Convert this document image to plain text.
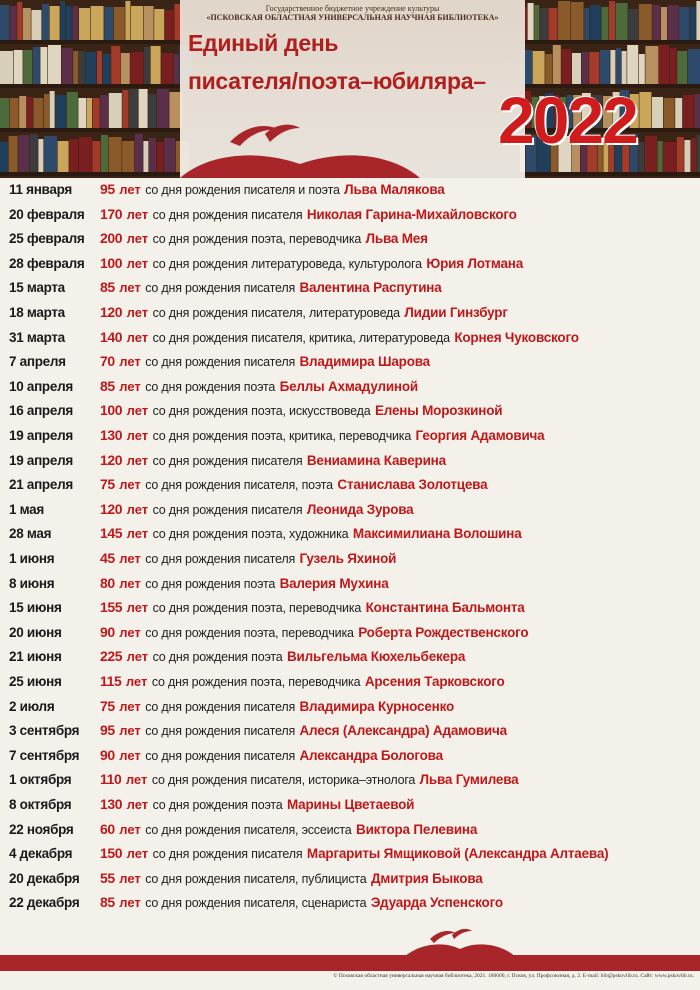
Государственное бюджетное учреждение культуры
«ПСКОВСКАЯ ОБЛАСТНАЯ УНИВЕРСАЛЬНАЯ НАУЧНАЯ БИБЛИОТЕКА»
Единый день
писателя/поэта–юбиляра–
2022
11 января 95 лет со дня рождения писателя и поэта Льва Малякова
20 февраля 170 лет со дня рождения писателя Николая Гарина-Михайловского
25 февраля 200 лет со дня рождения поэта, переводчика Льва Мея
28 февраля 100 лет со дня рождения литературоведа, культуролога Юрия Лотмана
15 марта	85 лет со дня рождения писателя Валентина Распутина
18 марта	120 лет со дня рождения писателя, литературоведа Лидии Гинзбург
31 марта	140 лет со дня рождения писателя, критика, литературоведа Корнея Чуковского
7 апреля 70 лет со дня рождения писателя Владимира Шарова
10 апреля 85 лет со дня рождения поэта Беллы Ахмадулиной
16 апреля 100 лет со дня рождения поэта, искусствоведа Елены Морозкиной
19 апреля 130 лет со дня рождения поэта, критика, переводчика Георгия Адамовича
19 апреля 120 лет со дня рождения писателя Вениамина Каверина
21 апреля 75 лет со дня рождения писателя, поэта Станислава Золотцева
1 мая	120 лет со дня рождения писателя Леонида Зурова
28 мая	145 лет со дня рождения поэта, художника Максимилиана Волошина
1 июня	45 лет со дня рождения писателя Гузель Яхиной
8 июня	80 лет со дня рождения поэта Валерия Мухина
15 июня	155 лет со дня рождения поэта, переводчика Константина Бальмонта
20 июня	90 лет со дня рождения поэта, переводчика Роберта Рождественского
21 июня	225 лет со дня рождения поэта Вильгельма Кюхельбекера
25 июня	115 лет со дня рождения поэта, переводчика Арсения Тарковского
2 июля	75 лет со дня рождения писателя Владимира Курносенко
3 сентября 95 лет со дня рождения писателя Алеся (Александра) Адамовича
7 сентября 90 лет со дня рождения писателя Александра Бологова
1 октября 110 лет со дня рождения писателя, историка–этнолога Льва Гумилева
8 октября 130 лет со дня рождения поэта Марины Цветаевой
22 ноября 60 лет со дня рождения писателя, эссеиста Виктора Пелевина
4 декабря 150 лет со дня рождения писателя Маргариты Ямщиковой (Александра Алтаева)
20 декабря 55 лет со дня рождения писателя, публициста Дмитрия Быкова
22 декабря 85 лет со дня рождения писателя, сценариста Эдуарда Успенского
© Псковская областная универсальная научная библиотека, 2021. 180000, г. Псков, ул. Профсоюзная, д. 2. E-mail: bib@pskovlib.ru. Сайт: www.pskovlib.ru.
